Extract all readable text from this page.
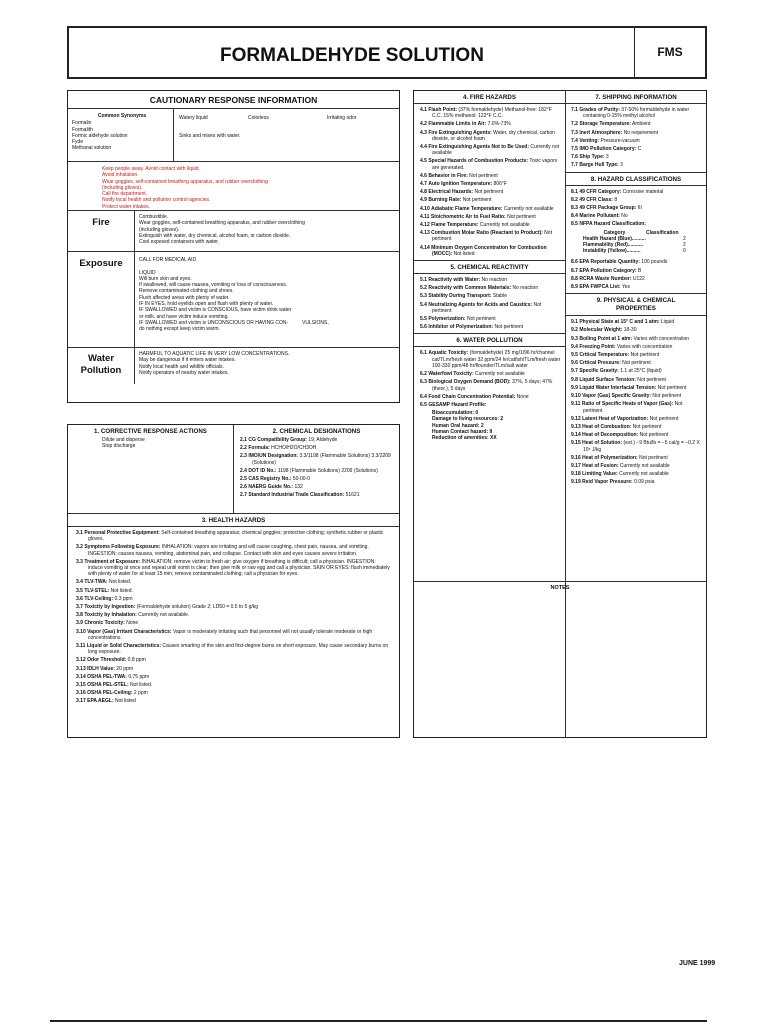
FORMALDEHYDE SOLUTION	FMS
CAUTIONARY RESPONSE INFORMATION
Common Synonyms
Formalin
Formalith
Formic aldehyde solution
Fyde
Methanal solution
Watery liquid	Colorless	Irritating odor
Sinks and mixes with water.
Keep people away. Avoid contact with liquid.
Avoid inhalation.
Wear goggles, self-contained breathing apparatus, and rubber overclothing
(including gloves).
Call fire department.
Notify local health and pollution control agencies.
Protect water intakes.
Fire	Combustible.
Wear goggles, self-contained breathing apparatus, and rubber overclothing
(including gloves).
Extinguish with water, dry chemical, alcohol foam, or carbon dioxide.
Cool exposed containers with water.
Exposure	CALL FOR MEDICAL AID.
LIQUID
Will burn skin and eyes.
If swallowed, will cause nausea, vomiting or loss of consciousness.
Remove contaminated clothing and shoes.
Flush affected areas with plenty of water.
IF IN EYES, hold eyelids open and flush with plenty of water.
IF SWALLOWED and victim is CONSCIOUS, have victim drink water
or milk, and have victim induce vomiting.
IF SWALLOWED and victim is UNCONSCIOUS OR HAVING CON-          VULSIONS,
do nothing except keep victim warm.
Water
Pollution
HARMFUL TO AQUATIC LIFE IN VERY LOW CONCENTRATIONS.
May be dangerous if it enters water intakes.
Notify local health and wildlife officials.
Notify operators of nearby water intakes.
1. CORRECTIVE RESPONSE ACTIONS
Dilute and disperse
Stop discharge
2. CHEMICAL DESIGNATIONS
2.1 CG Compatibility Group: 19; Aldehyde
2.2 Formula: HCHO/H2O/CH3OH
2.3 IMO/UN Designation: 3.3/1198 (Flammable Solutions) 3.3/2209 (Solutions)
2.4 DOT ID No.: 1198 (Flammable Solutions) 2209 (Solutions)
2.5 CAS Registry No.: 50-00-0
2.6 NAERG Guide No.: 132
2.7 Standard Industrial Trade Classification: 51621
3. HEALTH HAZARDS
3.1 Personal Protective Equipment: Self-contained breathing apparatus; chemical goggles; protective clothing; synthetic rubber or plastic gloves.
3.2 Symptoms Following Exposure: INHALATION: vapors are irritating and will cause coughing, chest pain, nausea, and vomiting. INGESTION: causes nausea, vomiting, abdominal pain, and collapse. Contact with skin and eyes causes severe irritation.
3.3 Treatment of Exposure: INHALATION: remove victim to fresh air; give oxygen if breathing is difficult; call a physician. INGESTION: induce vomiting at once and repeat until vomit is clear; then give milk or raw egg and call a physician. SKIN OR EYES: flush immediately with plenty of water for at least 15 min; remove contaminated clothing; call a physician for eyes.
3.4 TLV-TWA: Not listed.
3.5 TLV-STEL: Not listed.
3.6 TLV-Ceiling: 0.3 ppm
3.7 Toxicity by Ingestion: (Formaldehyde solution) Grade 2; LD50 = 0.5 to 5 g/kg
3.8 Toxicity by Inhalation: Currently not available.
3.9 Chronic Toxicity: None
3.10 Vapor (Gas) Irritant Characteristics: Vapor is moderately irritating such that personnel will not usually tolerate moderate or high concentrations.
3.11 Liquid or Solid Characteristics: Causes smarting of the skin and first-degree burns on short exposure. May cause secondary burns on long exposure.
3.12 Odor Threshold: 0.8 ppm
3.13 IDLH Value: 20 ppm
3.14 OSHA PEL-TWA: 0.75 ppm
3.15 OSHA PEL-STEL: Not listed.
3.16 OSHA PEL-Ceiling: 2 ppm
3.17 EPA AEGL: Not listed
4. FIRE HAZARDS
4.1 Flash Point: (37% formaldehyde) Methanol-free: 182°F C.C. 15% methanol: 122°F C.C.
4.2 Flammable Limits in Air: 7.0%-73%
4.3 Fire Extinguishing Agents: Water, dry chemical, carbon dioxide, or alcohol foam
4.4 Fire Extinguishing Agents Not to Be Used: Currently not available
4.5 Special Hazards of Combustion Products: Toxic vapors are generated.
4.6 Behavior in Fire: Not pertinent
4.7 Auto Ignition Temperature: 806°F
4.8 Electrical Hazards: Not pertinent
4.9 Burning Rate: Not pertinent
4.10 Adiabatic Flame Temperature: Currently not available
4.11 Stoichometric Air to Fuel Ratio: Not pertinent
4.12 Flame Temperature: Currently not available
4.13 Combustion Molar Ratio (Reactant to Product): Not pertinent
4.14 Minimum Oxygen Concentration for Combustion (MOCC): Not listed
5. CHEMICAL REACTIVITY
5.1 Reactivity with Water: No reaction
5.2 Reactivity with Common Materials: No reaction
5.3 Stability During Transport: Stable
5.4 Neutralizing Agents for Acids and Caustics: Not pertinent
5.5 Polymerization: Not pertinent
5.6 Inhibitor of Polymerization: Not pertinent
6. WATER POLLUTION
6.1 Aquatic Toxicity: (formaldehyde) 25 mg/1/96 hr/channel cat/TLm/fresh water 32 ppm/24 hr/catfish/TLm/fresh water 100-330 ppm/48 hr/flounder/TLm/salt water
6.2 Waterfowl Toxicity: Currently not available
6.3 Biological Oxygen Demand (BOD): 37%, 5 days; 47% (theor.), 5 days
6.4 Food Chain Concentration Potential: None
6.5 GESAMP Hazard Profile:
Bioaccumulation: 0
Damage to living resources: 2
Human Oral hazard: 2
Human Contact hazard: II
Reduction of amenities: XX
7. SHIPPING INFORMATION
7.1 Grades of Purity: 37-50% formaldehyde in water containing 0-15% methyl alcohol
7.2 Storage Temperature: Ambient
7.3 Inert Atmosphere: No requirement
7.4 Venting: Pressure-vacuum
7.5 IMO Pollution Category: C
7.6 Ship Type: 3
7.7 Barge Hull Type: 3
8. HAZARD CLASSIFICATIONS
8.1 49 CFR Category: Corrosive material
8.2 49 CFR Class: 8
8.3 49 CFR Package Group: III
8.4 Marine Pollutant: No
8.5 NFPA Hazard Classification:
Category	Classification
Health Hazard (Blue)..........	2
Flammability (Red)...........	2
Instability (Yellow)..........	0
8.6 EPA Reportable Quantity: 100 pounds
8.7 EPA Pollution Category: B
8.8 RCRA Waste Number: U122
8.9 EPA FWPCA List: Yes
9. PHYSICAL & CHEMICAL
PROPERTIES
9.1 Physical State at 15° C and 1 atm: Liquid
9.2 Molecular Weight: 18-30
9.3 Boiling Point at 1 atm: Varies with concentration
9.4 Freezing Point: Varies with concentration
9.5 Critical Temperature: Not pertinent
9.6 Critical Pressure: Not pertinent
9.7 Specific Gravity: 1.1 at 25°C (liquid)
9.8 Liquid Surface Tension: Not pertinent
9.9 Liquid Water Interfacial Tension: Not pertinent
9.10 Vapor (Gas) Specific Gravity: Not pertinent
9.11 Ratio of Specific Heats of Vapor (Gas): Not pertinent
9.12 Latent Heat of Vaporization: Not pertinent
9.13 Heat of Combustion: Not pertinent
9.14 Heat of Decomposition: Not pertinent
9.15 Heat of Solution: (est.) −9 Btu/lb = −5 cal/g = −0.2 X 10⁵ J/kg
9.16 Heat of Polymerization: Not pertinent
9.17 Heat of Fusion: Currently not available
9.18 Limiting Value: Currently not available
9.19 Reid Vapor Pressure: 0.09 psia
NOTES
JUNE 1999
